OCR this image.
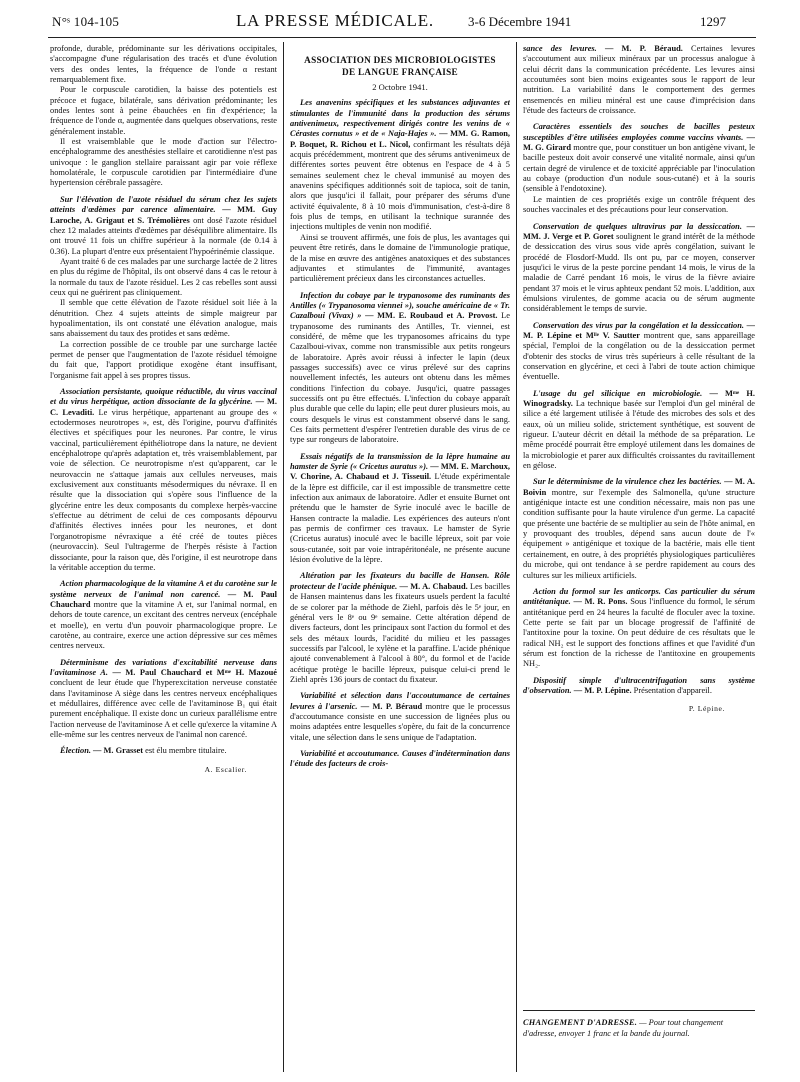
N°ˢ 104-105	LA PRESSE MÉDICALE.	3-6 Décembre 1941	1297

profonde, durable, prédominante sur les dérivations occipitales, s'accompagne d'une régularisation des tracés et d'une évolution vers des ondes lentes, la fréquence de l'onde α restant remarquablement fixe.

Pour le corpuscule carotidien, la baisse des potentiels est précoce et fugace, bilatérale, sans dérivation prédominante; les ondes lentes sont à peine ébauchées en fin d'expérience; la fréquence de l'onde α, augmentée dans quelques observations, reste généralement instable.

Il est vraisemblable que le mode d'action sur l'électro-encéphalogramme des anesthésies stellaire et carotidienne n'est pas univoque : le ganglion stellaire paraissant agir par voie réflexe homolatérale, le corpuscule carotidien par l'intermédiaire d'une hypertension cérébrale passagère.

Sur l'élévation de l'azote résiduel du sérum chez les sujets atteints d'œdèmes par carence alimentaire. — MM. Guy Laroche, A. Grigaut et S. Trémolières ont dosé l'azote résiduel chez 12 malades atteints d'œdèmes par déséquilibre alimentaire. Ils ont trouvé 11 fois un chiffre supérieur à la normale (de 0.14 à 0.36). La plupart d'entre eux présentaient l'hypoérinémie classique.

Ayant traité 6 de ces malades par une surcharge lactée de 2 litres en plus du régime de l'hôpital, ils ont observé dans 4 cas le retour à la normale du taux de l'azote résiduel. Les 2 cas rebelles sont aussi ceux qui ne guérirent pas cliniquement.

Il semble que cette élévation de l'azote résiduel soit liée à la dénutrition. Chez 4 sujets atteints de simple maigreur par hypoalimentation, ils ont constaté une élévation analogue, mais sans abaissement du taux des protides et sans œdème.

La correction possible de ce trouble par une surcharge lactée permet de penser que l'augmentation de l'azote résiduel témoigne du fait que, l'apport protidique exogène étant insuffisant, l'organisme fait appel à ses propres tissus.

Association persistante, quoique réductible, du virus vaccinal et du virus herpétique, action dissociante de la glycérine. — M. C. Levaditi. Le virus herpétique, appartenant au groupe des « ectodermoses neurotropes », est, dès l'origine, pourvu d'affinités électives et spécifiques pour les neurones. Par contre, le virus vaccinal, particulièrement épithéliotrope dans la nature, ne devient encéphalotrope qu'après adaptation et, très vraisemblablement, par voie de sélection. Ce neurotropisme n'est qu'apparent, car le neurovaccin ne s'attaque jamais aux cellules nerveuses, mais exclusivement aux constituants mésodermiques du névraxe. Il en résulte que la dissociation qui s'opère sous l'influence de la glycérine entre les deux composants du complexe herpès-vaccine s'effectue au détriment de celui de ces composants dépourvu d'affinités électives innées pour les neurones, et dont l'organotropisme névraxique a été créé de toutes pièces (neurovaccin). Seul l'ultragerme de l'herpès résiste à l'action dissociante, pour la raison que, dès l'origine, il est neurotrope dans la véritable acception du terme.

Action pharmacologique de la vitamine A et du carotène sur le système nerveux de l'animal non carencé. — M. Paul Chauchard montre que la vitamine A et, sur l'animal normal, en dehors de toute carence, un excitant des centres nerveux (encéphale et moelle), en vertu d'un pouvoir pharmacologique propre. Le carotène, au contraire, exerce une action dépressive sur ces mêmes centres nerveux.

Déterminisme des variations d'excitabilité nerveuse dans l'avitaminose A. — M. Paul Chauchard et Mᵐᵉ H. Mazoué concluent de leur étude que l'hyperexcitation nerveuse constatée dans l'avitaminose A siège dans les centres nerveux encéphaliques et médullaires, différence avec celle de l'avitaminose B₁ qui était purement encéphalique. Il existe donc un curieux parallélisme entre l'action nerveuse de l'avitaminose A et celle qu'exerce la vitamine A elle-même sur les centres nerveux de l'animal non carencé.

Élection. — M. Grasset est élu membre titulaire.

A. Escalier.
ASSOCIATION DES MICROBIOLOGISTES
DE LANGUE FRANÇAISE
2 Octobre 1941.

Les anavenins spécifiques et les substances adjuvantes et stimulantes de l'immunité dans la production des sérums antivenimeux, respectivement dirigés contre les venins de « Cérastes cornutus » et de « Naja-Hajes ». — MM. G. Ramon, P. Boquet, R. Richou et L. Nicol, confirmant les résultats déjà acquis précédemment, montrent que des sérums antivenimeux de différentes sortes peuvent être obtenus en l'espace de 4 à 5 semaines seulement chez le cheval immunisé au moyen des anavenins spécifiques additionnés soit de tapioca, soit de tanin, alors que jusqu'ici il fallait, pour préparer des sérums d'une activité équivalente, 8 à 10 mois d'immunisation, c'est-à-dire 8 fois plus de temps, en utilisant la technique surannée des injections multiples de venin non modifié.

Ainsi se trouvent affirmés, une fois de plus, les avantages qui peuvent être retirés, dans le domaine de l'immunologie pratique, de la mise en œuvre des antigènes anatoxiques et des substances adjuvantes et stimulantes de l'immunité, avantages particulièrement précieux dans les circonstances actuelles.

Infection du cobaye par le trypanosome des ruminants des Antilles (« Trypanosoma viennei »), souche américaine de « Tr. Cazalboui (Vivax) » — MM. E. Roubaud et A. Provost. Le trypanosome des ruminants des Antilles, Tr. viennei, est considéré, de même que les trypanosomes africains du type Cazalboui-vivax, comme non transmissible aux petits rongeurs de laboratoire. Après avoir réussi à infecter le lapin (deux passages successifs) avec ce virus prélevé sur des caprins nouvellement infectés, les auteurs ont obtenu dans les mêmes conditions l'infection du cobaye. Jusqu'ici, quatre passages successifs ont pu être effectués. L'infection du cobaye apparaît plus durable que celle du lapin; elle peut durer plusieurs mois, au cours desquels le virus est constamment observé dans le sang. Ces faits permettent d'espérer l'entretien durable des virus de ce type sur rongeurs de laboratoire.

Essais négatifs de la transmission de la lèpre humaine au hamster de Syrie (« Cricetus auratus »). — MM. E. Marchoux, V. Chorine, A. Chabaud et J. Tisseuil. L'étude expérimentale de la lèpre est difficile, car il est impossible de transmettre cette infection aux animaux de laboratoire. Adler et ensuite Burnet ont prétendu que le hamster de Syrie inoculé avec le bacille de Hansen contracte la maladie. Les expériences des auteurs n'ont pas permis de confirmer ces travaux. Le hamster de Syrie (Cricetus auratus) inoculé avec le bacille lépreux, soit par voie sous-cutanée, soit par voie intrapéritonéale, ne présente aucune lésion évolutive de la lèpre.

Altération par les fixateurs du bacille de Hansen. Rôle protecteur de l'acide phénique. — M. A. Chabaud. Les bacilles de Hansen maintenus dans les fixateurs usuels perdent la faculté de se colorer par la méthode de Ziehl, parfois dès le 5ᵉ jour, en général vers le 8ᵉ ou 9ᵉ semaine. Cette altération dépend de divers facteurs, dont les principaux sont l'action du formol et des sels des métaux lourds, l'acidité du milieu et les passages successifs par l'alcool, le xylène et la paraffine. L'acide phénique ajouté convenablement à l'alcool à 80°, du formol et de l'acide acétique protège le bacille lépreux, puisque celui-ci prend le Ziehl après 136 jours de contact du fixateur.

Variabilité et sélection dans l'accoutumance de certaines levures à l'arsenic. — M. P. Béraud montre que le processus d'accoutumance consiste en une succession de lignées plus ou moins adaptées entre lesquelles s'opère, du fait de la concurrence vitale, une sélection dans le sens unique de l'adaptation.

Variabilité et accoutumance. Causes d'indétermination dans l'étude des facteurs de crois-

sance des levures. — M. P. Béraud. Certaines levures s'accoutument aux milieux minéraux par un processus analogue à celui décrit dans la communication précédente. Les levures ainsi accoutumées sont bien moins exigeantes sous le rapport de leur nutrition. La variabilité dans le comportement des germes ensemencés en milieu minéral est une cause d'imprécision dans l'étude des facteurs de croissance.

Caractères essentiels des souches de bacilles pesteux susceptibles d'être utilisées employées comme vaccins vivants. — M. G. Girard montre que, pour constituer un bon antigène vivant, le bacille pesteux doit avoir conservé une vitalité normale, ainsi qu'un certain degré de virulence et de toxicité appréciable par l'inoculation au cobaye (production d'un nodule sous-cutané) et à la souris (sensible à l'endotoxine).

Le maintien de ces propriétés exige un contrôle fréquent des souches vaccinales et des précautions pour leur conservation.

Conservation de quelques ultravirus par la dessiccation. — MM. J. Verge et P. Goret soulignent le grand intérêt de la méthode de dessiccation des virus sous vide après congélation, suivant le procédé de Flosdorf-Mudd. Ils ont pu, par ce moyen, conserver jusqu'ici le virus de la peste porcine pendant 14 mois, le virus de la maladie de Carré pendant 16 mois, le virus de la fièvre aviaire pendant 37 mois et le virus aphteux pendant 52 mois. L'addition, aux émulsions virulentes, de gomme acacia ou de sérum augmente considérablement le temps de survie.

Conservation des virus par la congélation et la dessiccation. — M. P. Lépine et Mˡˡᵉ V. Sautter montrent que, sans appareillage spécial, l'emploi de la congélation ou de la dessiccation permet d'obtenir des stocks de virus très supérieurs à celle résultant de la conservation en glycérine, et ceci à l'abri de toute action chimique éventuelle.

L'usage du gel silicique en microbiologie. — Mᵐᵉ H. Winogradsky. La technique basée sur l'emploi d'un gel minéral de silice a été largement utilisée à l'étude des microbes des sols et des eaux, où un milieu solide, strictement synthétique, est souvent de rigueur. L'auteur décrit en détail la méthode de sa préparation. Le même procédé pourrait être employé utilement dans les domaines de la microbiologie et parer aux difficultés croissantes du ravitaillement en gélose.

Sur le déterminisme de la virulence chez les bactéries. — M. A. Boivin montre, sur l'exemple des Salmonella, qu'une structure antigénique intacte est une condition nécessaire, mais non pas une condition suffisante pour la haute virulence d'un germe. La capacité que présente une bactérie de se multiplier au sein de l'hôte animal, en y provoquant des troubles, dépend sans aucun doute de l'« équipement » antigénique et toxique de la bactérie, mais elle tient certainement, en outre, à des propriétés physiologiques particulières du microbe, qui ont tendance à se perdre rapidement au cours des cultures sur les milieux artificiels.

Action du formol sur les anticorps. Cas particulier du sérum antitétanique. — M. R. Pons. Sous l'influence du formol, le sérum antitétanique perd en 24 heures la faculté de floculer avec la toxine. Cette perte se fait par un blocage progressif de l'affinité de l'antitoxine pour la toxine. On peut déduire de ces résultats que le radical NH₂ est le support des fonctions affines et que l'avidité d'un sérum est fonction de la richesse de l'antitoxine en groupements NH₂.

Dispositif simple d'ultracentrifugation sans système d'observation. — M. P. Lépine. Présentation d'appareil.

P. Lépine.
CHANGEMENT D'ADRESSE. — Pour tout changement d'adresse, envoyer 1 franc et la bande du journal.
